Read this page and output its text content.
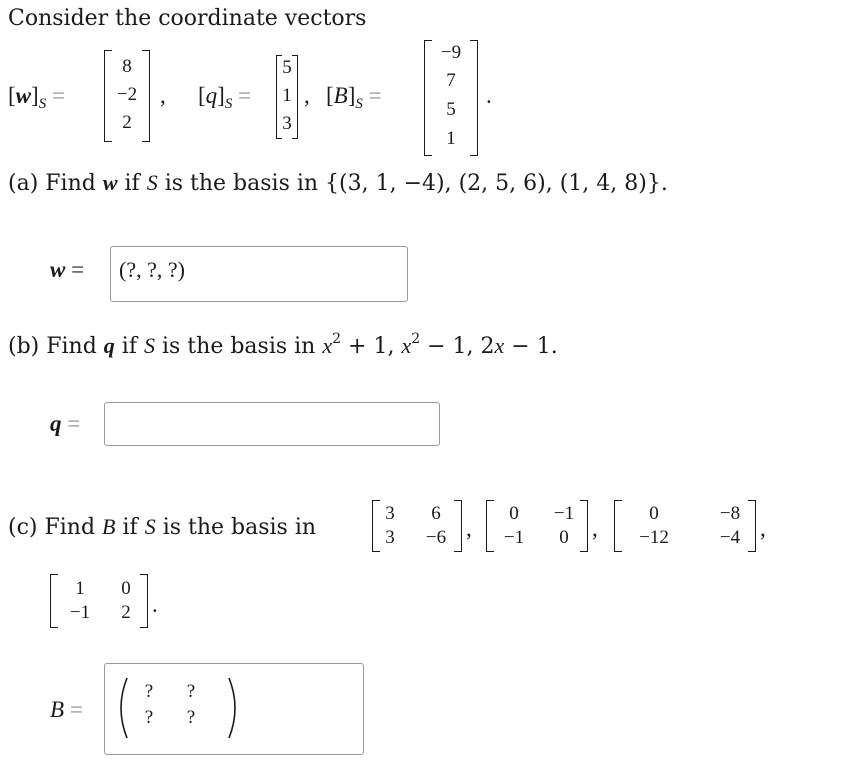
Consider the coordinate vectors
$[w]_S$ =
8
−2
2
, $[q]_S$ =
5
1
3
, $[B]_S$ =
−9
7
5
1
.
(a) Find w if S is the basis in {(3, 1, −4), (2, 5, 6), (1, 4, 8)}.
w = (?, ?, ?)
(b) Find q if S is the basis in $x^2 + 1$, $x^2 - 1$, 2x − 1.
q =
(c) Find B if S is the basis in
3	6
3	−6 ,
0	−1
−1	0	,
0	−8
−12	−4 ,
1	0
−1	2 .
B =
?	?
?	?
